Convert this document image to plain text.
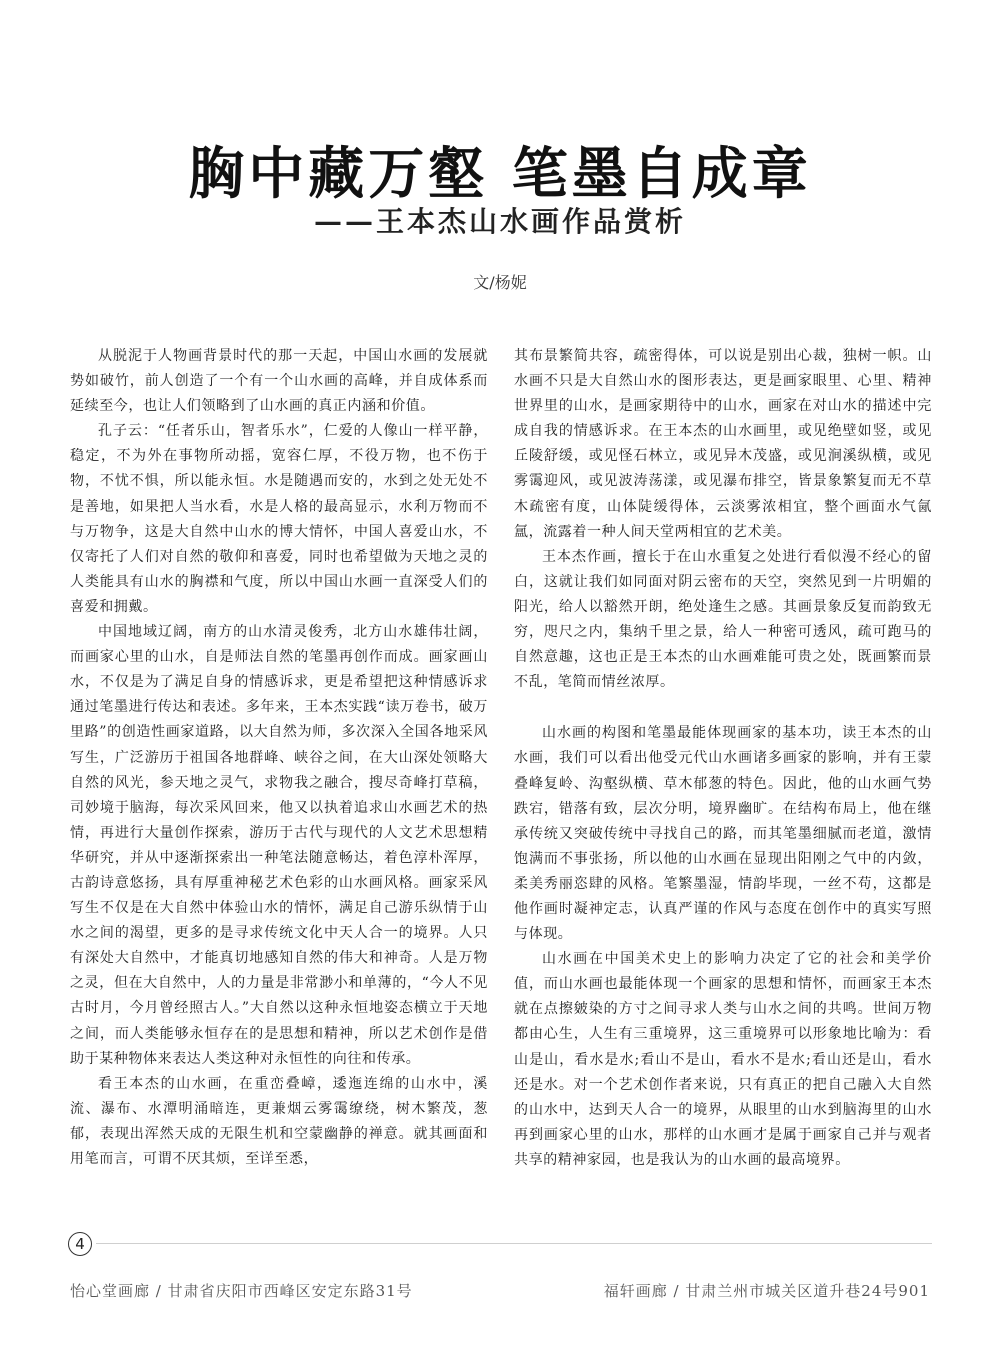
胸中藏万壑 笔墨自成章
——王本杰山水画作品赏析
文/杨妮

从脱泥于人物画背景时代的那一天起，中国山水画的发展就势如破竹，前人创造了一个有一个山水画的高峰，并自成体系而延续至今，也让人们领略到了山水画的真正内涵和价值。

孔子云：“任者乐山，智者乐水”，仁爱的人像山一样平静，稳定，不为外在事物所动摇，宽容仁厚，不役万物，也不伤于物，不忧不惧，所以能永恒。水是随遇而安的，水到之处无处不是善地，如果把人当水看，水是人格的最高显示，水利万物而不与万物争，这是大自然中山水的博大情怀，中国人喜爱山水，不仅寄托了人们对自然的敬仰和喜爱，同时也希望做为天地之灵的人类能具有山水的胸襟和气度，所以中国山水画一直深受人们的喜爱和拥戴。

中国地域辽阔，南方的山水清灵俊秀，北方山水雄伟壮阔，而画家心里的山水，自是师法自然的笔墨再创作而成。画家画山水，不仅是为了满足自身的情感诉求，更是希望把这种情感诉求通过笔墨进行传达和表述。多年来，王本杰实践“读万卷书，破万里路”的创造性画家道路，以大自然为师，多次深入全国各地采风写生，广泛游历于祖国各地群峰、峡谷之间，在大山深处领略大自然的风光，参天地之灵气，求物我之融合，搜尽奇峰打草稿，司妙境于脑海，每次采风回来，他又以执着追求山水画艺术的热情，再进行大量创作探索，游历于古代与现代的人文艺术思想精华研究，并从中逐渐探索出一种笔法随意畅达，着色淳朴浑厚，古韵诗意悠扬，具有厚重神秘艺术色彩的山水画风格。画家采风写生不仅是在大自然中体验山水的情怀，满足自己游乐纵情于山水之间的渴望，更多的是寻求传统文化中天人合一的境界。人只有深处大自然中，才能真切地感知自然的伟大和神奇。人是万物之灵，但在大自然中，人的力量是非常渺小和单薄的，“今人不见古时月，今月曾经照古人。”大自然以这种永恒地姿态横立于天地之间，而人类能够永恒存在的是思想和精神，所以艺术创作是借助于某种物体来表达人类这种对永恒性的向往和传承。

看王本杰的山水画，在重峦叠嶂，逶迤连绵的山水中，溪流、瀑布、水潭明涌暗连，更兼烟云雾霭缭绕，树木繁茂，葱郁，表现出浑然天成的无限生机和空蒙幽静的禅意。就其画面和用笔而言，可谓不厌其烦，至详至悉，

其布景繁简共容，疏密得体，可以说是别出心裁，独树一帜。山水画不只是大自然山水的图形表达，更是画家眼里、心里、精神世界里的山水，是画家期待中的山水，画家在对山水的描述中完成自我的情感诉求。在王本杰的山水画里，或见绝壁如竖，或见丘陵舒缓，或见怪石林立，或见异木茂盛，或见涧溪纵横，或见雾霭迎风，或见波涛荡漾，或见瀑布排空，皆景象繁复而无不草木疏密有度，山体陡缓得体，云淡雾浓相宜，整个画面水气氤氲，流露着一种人间天堂两相宜的艺术美。

王本杰作画，擅长于在山水重复之处进行看似漫不经心的留白，这就让我们如同面对阴云密布的天空，突然见到一片明媚的阳光，给人以豁然开朗，绝处逢生之感。其画景象反复而韵致无穷，咫尺之内，集纳千里之景，给人一种密可透风，疏可跑马的自然意趣，这也正是王本杰的山水画难能可贵之处，既画繁而景不乱，笔简而情丝浓厚。

山水画的构图和笔墨最能体现画家的基本功，读王本杰的山水画，我们可以看出他受元代山水画诸多画家的影响，并有王蒙叠峰复岭、沟壑纵横、草木郁葱的特色。因此，他的山水画气势跌宕，错落有致，层次分明，境界幽旷。在结构布局上，他在继承传统又突破传统中寻找自己的路，而其笔墨细腻而老道，激情饱满而不事张扬，所以他的山水画在显现出阳刚之气中的内敛，柔美秀丽恣肆的风格。笔繁墨湿，情韵毕现，一丝不苟，这都是他作画时凝神定志，认真严谨的作风与态度在创作中的真实写照与体现。

山水画在中国美术史上的影响力决定了它的社会和美学价值，而山水画也最能体现一个画家的思想和情怀，而画家王本杰就在点擦皴染的方寸之间寻求人类与山水之间的共鸣。世间万物都由心生，人生有三重境界，这三重境界可以形象地比喻为：看山是山，看水是水;看山不是山，看水不是水;看山还是山，看水还是水。对一个艺术创作者来说，只有真正的把自己融入大自然的山水中，达到天人合一的境界，从眼里的山水到脑海里的山水再到画家心里的山水，那样的山水画才是属于画家自己并与观者共享的精神家园，也是我认为的山水画的最高境界。

4
怡心堂画廊 / 甘肃省庆阳市西峰区安定东路31号	福轩画廊 / 甘肃兰州市城关区道升巷24号901
